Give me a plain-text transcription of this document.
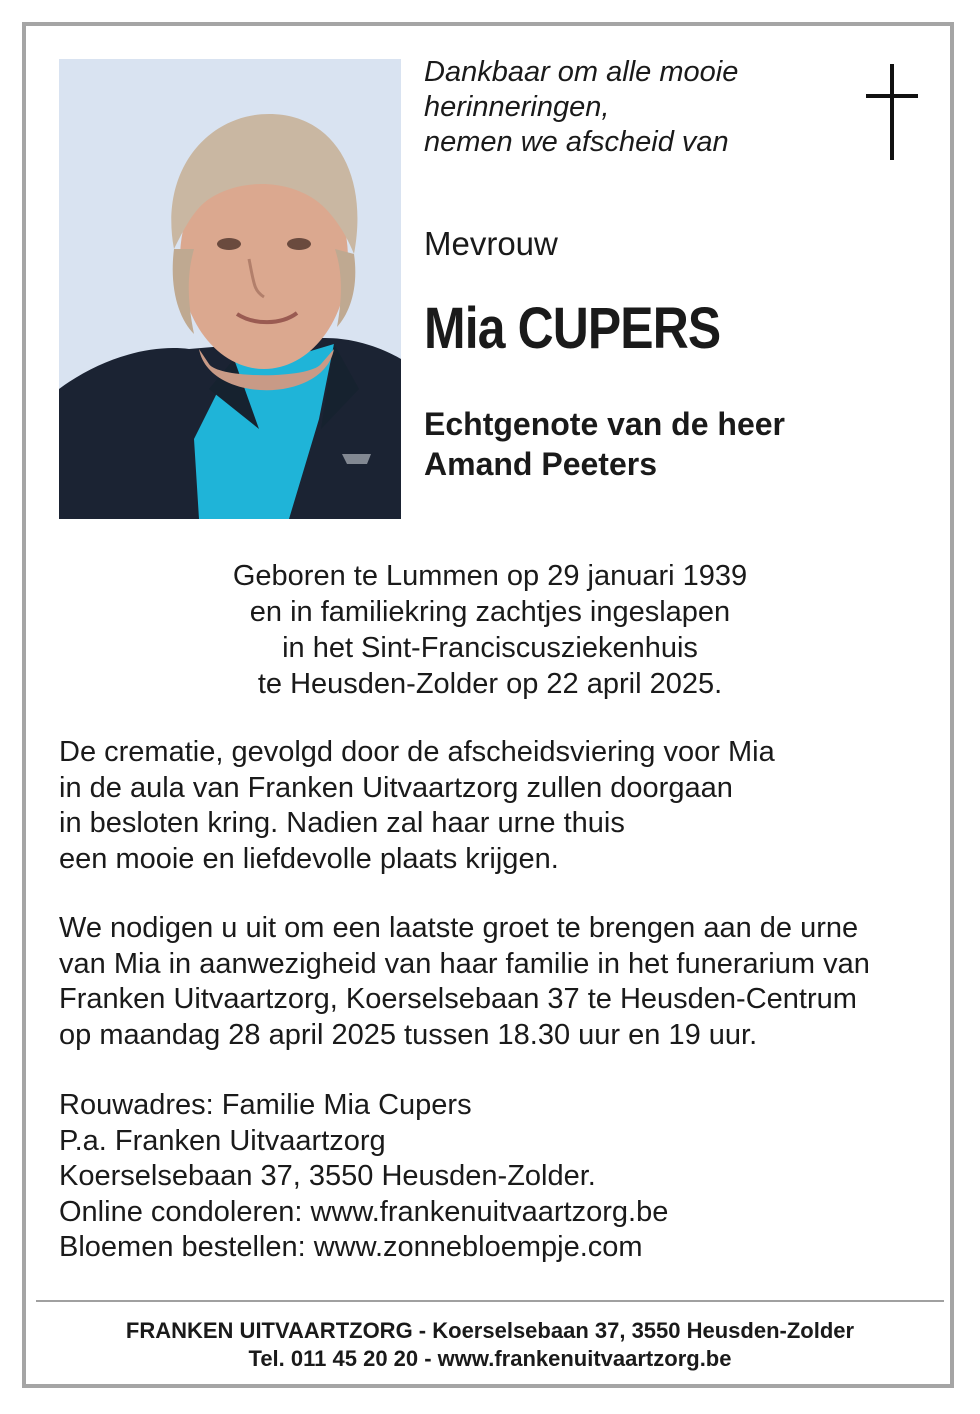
Dankbaar om alle mooie
herinneringen,
nemen we afscheid van
Mevrouw
Mia CUPERS
Echtgenote van de heer
Amand Peeters
Geboren te Lummen op 29 januari 1939
en in familiekring zachtjes ingeslapen
in het Sint-Franciscusziekenhuis
te Heusden-Zolder op 22 april 2025.
De crematie, gevolgd door de afscheidsviering voor Mia
in de aula van Franken Uitvaartzorg zullen doorgaan
in besloten kring. Nadien zal haar urne thuis
een mooie en liefdevolle plaats krijgen.
We nodigen u uit om een laatste groet te brengen aan de urne
van Mia in aanwezigheid van haar familie in het funerarium van
Franken Uitvaartzorg, Koerselsebaan 37 te Heusden-Centrum
op maandag 28 april 2025 tussen 18.30 uur en 19 uur.
Rouwadres: Familie Mia Cupers
P.a. Franken Uitvaartzorg
Koerselsebaan 37, 3550 Heusden-Zolder.
Online condoleren: www.frankenuitvaartzorg.be
Bloemen bestellen: www.zonnebloempje.com
FRANKEN UITVAARTZORG - Koerselsebaan 37, 3550 Heusden-Zolder
Tel. 011 45 20 20 - www.frankenuitvaartzorg.be
